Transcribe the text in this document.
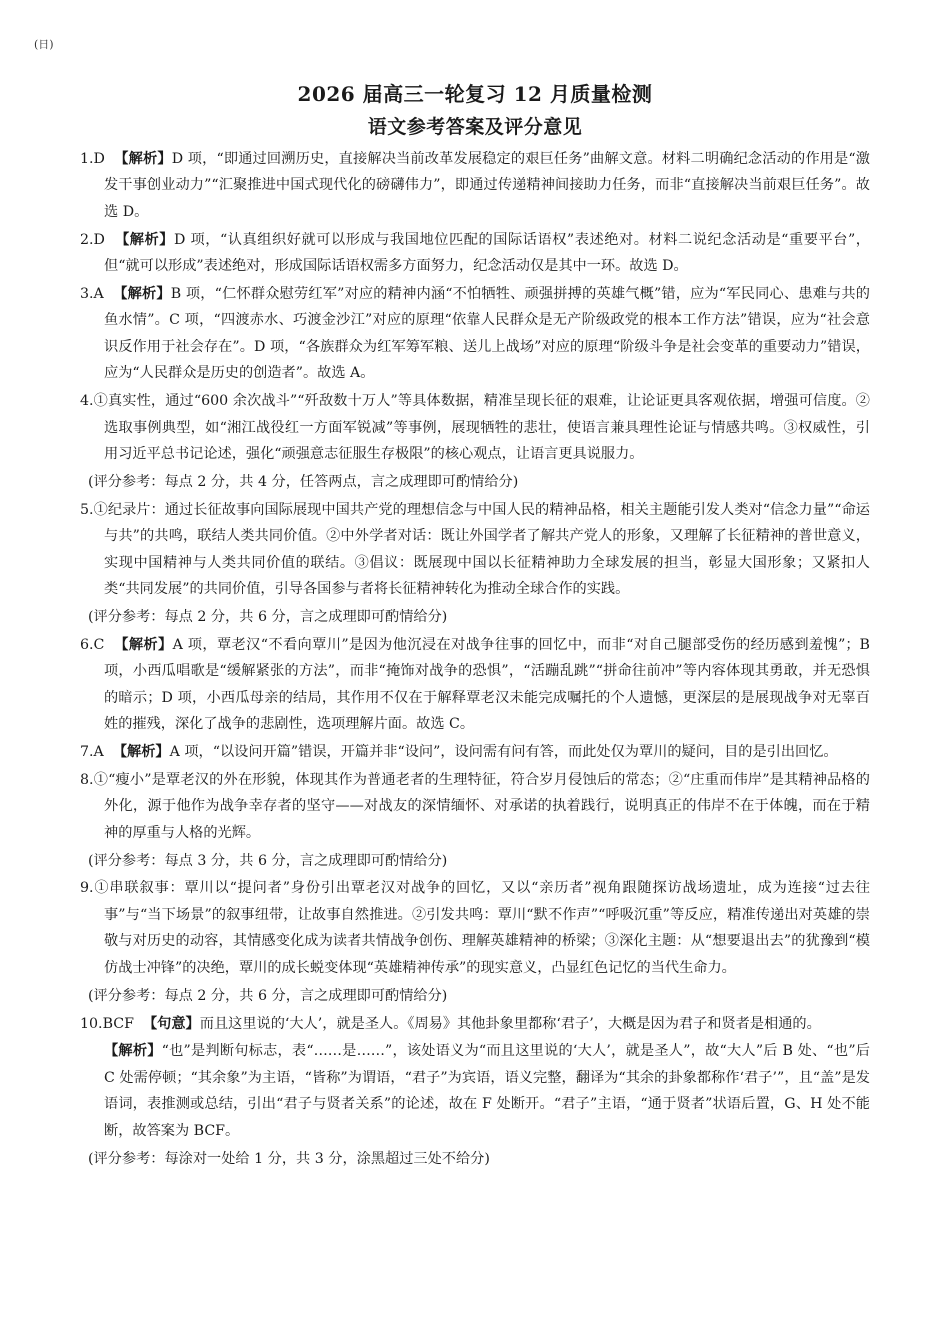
(日)
2026 届高三一轮复习 12 月质量检测
语文参考答案及评分意见

1.D 【解析】D 项，“即通过回溯历史，直接解决当前改革发展稳定的艰巨任务”曲解文意。材料二明确纪念活动的作用是“激发干事创业动力”“汇聚推进中国式现代化的磅礴伟力”，即通过传递精神间接助力任务，而非“直接解决当前艰巨任务”。故选 D。

2.D 【解析】D 项，“认真组织好就可以形成与我国地位匹配的国际话语权”表述绝对。材料二说纪念活动是“重要平台”，但“就可以形成”表述绝对，形成国际话语权需多方面努力，纪念活动仅是其中一环。故选 D。

3.A 【解析】B 项，“仁怀群众慰劳红军”对应的精神内涵“不怕牺牲、顽强拼搏的英雄气概”错，应为“军民同心、患难与共的鱼水情”。C 项，“四渡赤水、巧渡金沙江”对应的原理“依靠人民群众是无产阶级政党的根本工作方法”错误，应为“社会意识反作用于社会存在”。D 项，“各族群众为红军筹军粮、送儿上战场”对应的原理“阶级斗争是社会变革的重要动力”错误，应为“人民群众是历史的创造者”。故选 A。

4.①真实性，通过“600 余次战斗”“歼敌数十万人”等具体数据，精准呈现长征的艰难，让论证更具客观依据，增强可信度。②选取事例典型，如“湘江战役红一方面军锐减”等事例，展现牺牲的悲壮，使语言兼具理性论证与情感共鸣。③权威性，引用习近平总书记论述，强化“顽强意志征服生存极限”的核心观点，让语言更具说服力。

(评分参考：每点 2 分，共 4 分，任答两点，言之成理即可酌情给分)

5.①纪录片：通过长征故事向国际展现中国共产党的理想信念与中国人民的精神品格，相关主题能引发人类对“信念力量”“命运与共”的共鸣，联结人类共同价值。②中外学者对话：既让外国学者了解共产党人的形象，又理解了长征精神的普世意义，实现中国精神与人类共同价值的联结。③倡议：既展现中国以长征精神助力全球发展的担当，彰显大国形象；又紧扣人类“共同发展”的共同价值，引导各国参与者将长征精神转化为推动全球合作的实践。

(评分参考：每点 2 分，共 6 分，言之成理即可酌情给分)

6.C 【解析】A 项，覃老汉“不看向覃川”是因为他沉浸在对战争往事的回忆中，而非“对自己腿部受伤的经历感到羞愧”；B 项，小西瓜唱歌是“缓解紧张的方法”，而非“掩饰对战争的恐惧”，“活蹦乱跳”“拼命往前冲”等内容体现其勇敢，并无恐惧的暗示；D 项，小西瓜母亲的结局，其作用不仅在于解释覃老汉未能完成嘱托的个人遗憾，更深层的是展现战争对无辜百姓的摧残，深化了战争的悲剧性，选项理解片面。故选 C。

7.A 【解析】A 项，“以设问开篇”错误，开篇并非“设问”，设问需有问有答，而此处仅为覃川的疑问，目的是引出回忆。

8.①“瘦小”是覃老汉的外在形貌，体现其作为普通老者的生理特征，符合岁月侵蚀后的常态；②“庄重而伟岸”是其精神品格的外化，源于他作为战争幸存者的坚守——对战友的深情缅怀、对承诺的执着践行，说明真正的伟岸不在于体魄，而在于精神的厚重与人格的光辉。

(评分参考：每点 3 分，共 6 分，言之成理即可酌情给分)

9.①串联叙事：覃川以“提问者”身份引出覃老汉对战争的回忆，又以“亲历者”视角跟随探访战场遗址，成为连接“过去往事”与“当下场景”的叙事纽带，让故事自然推进。②引发共鸣：覃川“默不作声”“呼吸沉重”等反应，精准传递出对英雄的崇敬与对历史的动容，其情感变化成为读者共情战争创伤、理解英雄精神的桥梁；③深化主题：从“想要退出去”的犹豫到“模仿战士冲锋”的决绝，覃川的成长蜕变体现“英雄精神传承”的现实意义，凸显红色记忆的当代生命力。

(评分参考：每点 2 分，共 6 分，言之成理即可酌情给分)

10.BCF 【句意】而且这里说的‘大人’，就是圣人。《周易》其他卦象里都称‘君子’，大概是因为君子和贤者是相通的。

【解析】“也”是判断句标志，表“……是……”，该处语义为“而且这里说的‘大人’，就是圣人”，故“大人”后 B 处、“也”后 C 处需停顿；“其余象”为主语，“皆称”为谓语，“君子”为宾语，语义完整，翻译为“其余的卦象都称作‘君子’”，且“盖”是发语词，表推测或总结，引出“君子与贤者关系”的论述，故在 F 处断开。“君子”主语，“通于贤者”状语后置，G、H 处不能断，故答案为 BCF。

(评分参考：每涂对一处给 1 分，共 3 分，涂黑超过三处不给分)
